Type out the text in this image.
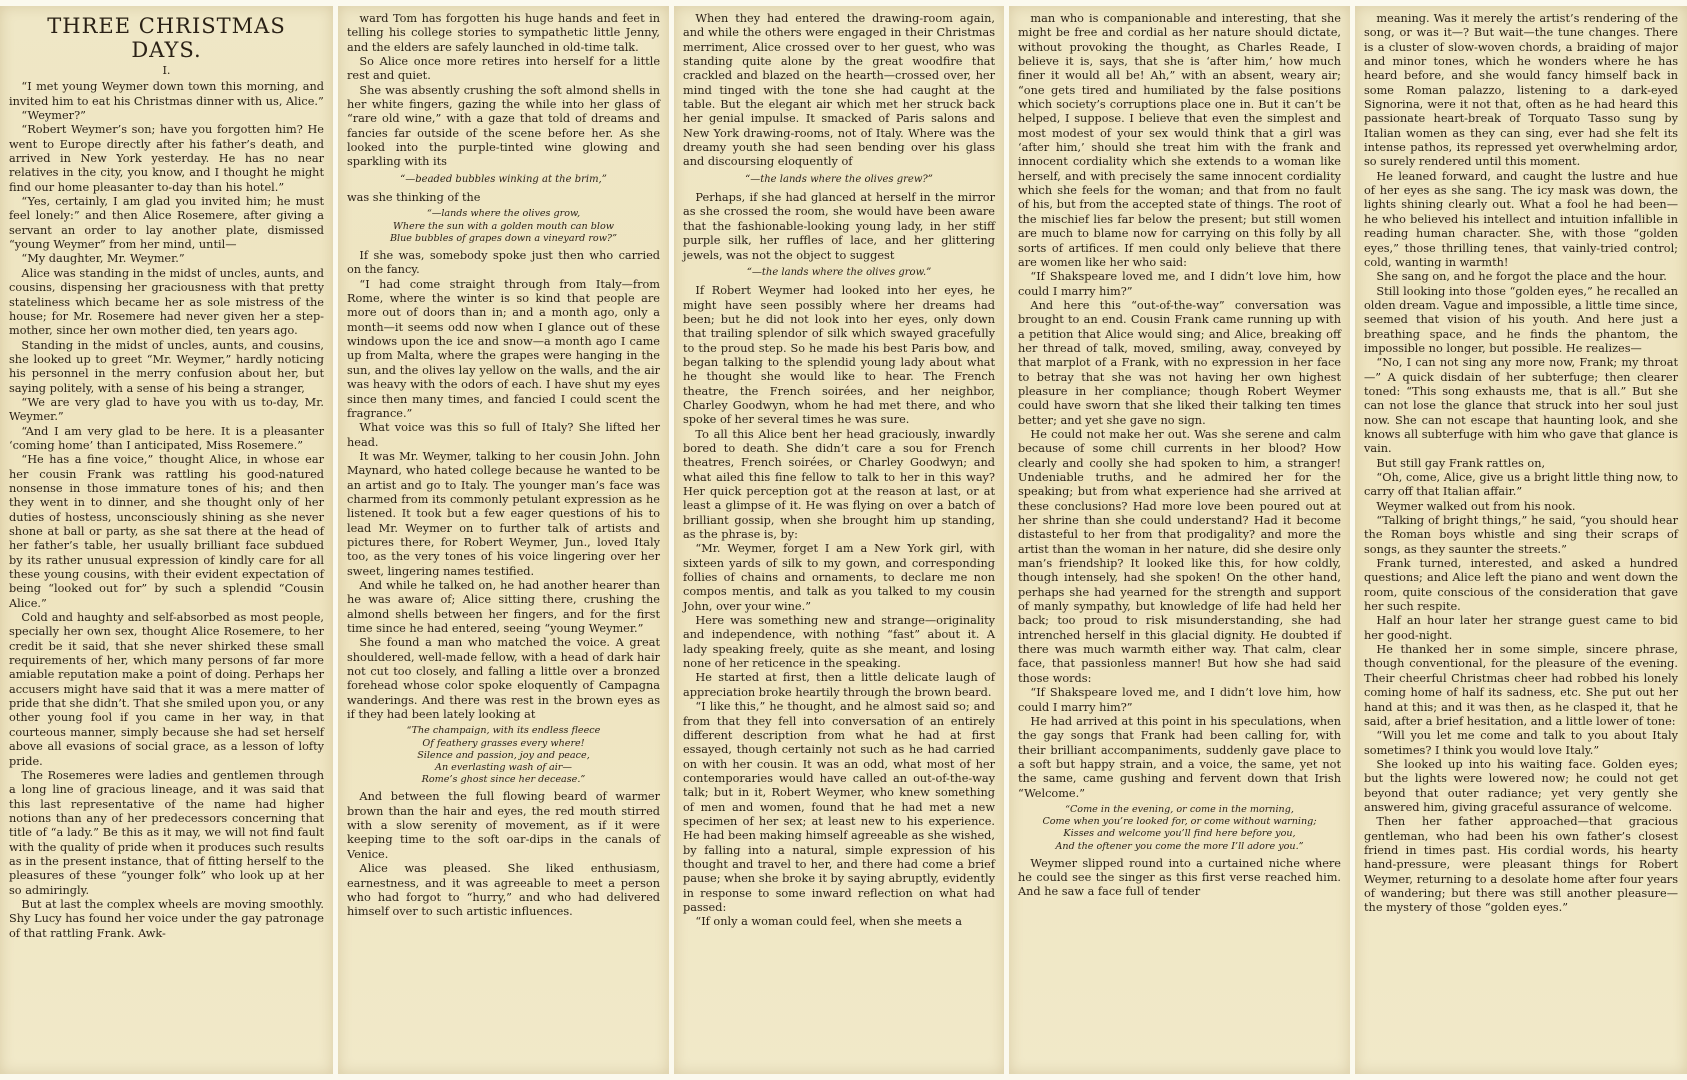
THREE CHRISTMAS DAYS.
I.

“I met young Weymer down town this morning, and invited him to eat his Christmas dinner with us, Alice.”

“Weymer?”

“Robert Weymer’s son; have you forgotten him? He went to Europe directly after his father’s death, and arrived in New York yesterday. He has no near relatives in the city, you know, and I thought he might find our home pleasanter to-day than his hotel.”

“Yes, certainly, I am glad you invited him; he must feel lonely:” and then Alice Rosemere, after giving a servant an order to lay another plate, dismissed “young Weymer” from her mind, until—

“My daughter, Mr. Weymer.”

Alice was standing in the midst of uncles, aunts, and cousins, dispensing her graciousness with that pretty stateliness which became her as sole mistress of the house; for Mr. Rosemere had never given her a step-mother, since her own mother died, ten years ago.

Standing in the midst of uncles, aunts, and cousins, she looked up to greet “Mr. Weymer,” hardly noticing his personnel in the merry confusion about her, but saying politely, with a sense of his being a stranger,

“We are very glad to have you with us to-day, Mr. Weymer.”

“And I am very glad to be here. It is a pleasanter ‘coming home’ than I anticipated, Miss Rosemere.”

“He has a fine voice,” thought Alice, in whose ear her cousin Frank was rattling his good-natured nonsense in those immature tones of his; and then they went in to dinner, and she thought only of her duties of hostess, unconsciously shining as she never shone at ball or party, as she sat there at the head of her father’s table, her usually brilliant face subdued by its rather unusual expression of kindly care for all these young cousins, with their evident expectation of being “looked out for” by such a splendid “Cousin Alice.”

Cold and haughty and self-absorbed as most people, specially her own sex, thought Alice Rosemere, to her credit be it said, that she never shirked these small requirements of her, which many persons of far more amiable reputation make a point of doing. Perhaps her accusers might have said that it was a mere matter of pride that she didn’t. That she smiled upon you, or any other young fool if you came in her way, in that courteous manner, simply because she had set herself above all evasions of social grace, as a lesson of lofty pride.

The Rosemeres were ladies and gentlemen through a long line of gracious lineage, and it was said that this last representative of the name had higher notions than any of her predecessors concerning that title of “a lady.” Be this as it may, we will not find fault with the quality of pride when it produces such results as in the present instance, that of fitting herself to the pleasures of these “younger folk” who look up at her so admiringly.

But at last the complex wheels are moving smoothly. Shy Lucy has found her voice under the gay patronage of that rattling Frank. Awk-

ward Tom has forgotten his huge hands and feet in telling his college stories to sympathetic little Jenny, and the elders are safely launched in old-time talk.

So Alice once more retires into herself for a little rest and quiet.

She was absently crushing the soft almond shells in her white fingers, gazing the while into her glass of “rare old wine,” with a gaze that told of dreams and fancies far outside of the scene before her. As she looked into the purple-tinted wine glowing and sparkling with its

“—beaded bubbles winking at the brim,”

was she thinking of the

“—lands where the olives grow,
Where the sun with a golden mouth can blow
Blue bubbles of grapes down a vineyard row?”

If she was, somebody spoke just then who carried on the fancy.

“I had come straight through from Italy—from Rome, where the winter is so kind that people are more out of doors than in; and a month ago, only a month—it seems odd now when I glance out of these windows upon the ice and snow—a month ago I came up from Malta, where the grapes were hanging in the sun, and the olives lay yellow on the walls, and the air was heavy with the odors of each. I have shut my eyes since then many times, and fancied I could scent the fragrance.”

What voice was this so full of Italy? She lifted her head.

It was Mr. Weymer, talking to her cousin John. John Maynard, who hated college because he wanted to be an artist and go to Italy. The younger man’s face was charmed from its commonly petulant expression as he listened. It took but a few eager questions of his to lead Mr. Weymer on to further talk of artists and pictures there, for Robert Weymer, Jun., loved Italy too, as the very tones of his voice lingering over her sweet, lingering names testified.

And while he talked on, he had another hearer than he was aware of; Alice sitting there, crushing the almond shells between her fingers, and for the first time since he had entered, seeing “young Weymer.”

She found a man who matched the voice. A great shouldered, well-made fellow, with a head of dark hair not cut too closely, and falling a little over a bronzed forehead whose color spoke eloquently of Campagna wanderings. And there was rest in the brown eyes as if they had been lately looking at

“The champaign, with its endless fleece
Of feathery grasses every where!
Silence and passion, joy and peace,
An everlasting wash of air—
Rome’s ghost since her decease.”

And between the full flowing beard of warmer brown than the hair and eyes, the red mouth stirred with a slow serenity of movement, as if it were keeping time to the soft oar-dips in the canals of Venice.

Alice was pleased. She liked enthusiasm, earnestness, and it was agreeable to meet a person who had forgot to “hurry,” and who had delivered himself over to such artistic influences.

When they had entered the drawing-room again, and while the others were engaged in their Christmas merriment, Alice crossed over to her guest, who was standing quite alone by the great woodfire that crackled and blazed on the hearth—crossed over, her mind tinged with the tone she had caught at the table. But the elegant air which met her struck back her genial impulse. It smacked of Paris salons and New York drawing-rooms, not of Italy. Where was the dreamy youth she had seen bending over his glass and discoursing eloquently of

“—the lands where the olives grew?”

Perhaps, if she had glanced at herself in the mirror as she crossed the room, she would have been aware that the fashionable-looking young lady, in her stiff purple silk, her ruffles of lace, and her glittering jewels, was not the object to suggest

“—the lands where the olives grow.”

If Robert Weymer had looked into her eyes, he might have seen possibly where her dreams had been; but he did not look into her eyes, only down that trailing splendor of silk which swayed gracefully to the proud step. So he made his best Paris bow, and began talking to the splendid young lady about what he thought she would like to hear. The French theatre, the French soirées, and her neighbor, Charley Goodwyn, whom he had met there, and who spoke of her several times he was sure.

To all this Alice bent her head graciously, inwardly bored to death. She didn’t care a sou for French theatres, French soirées, or Charley Goodwyn; and what ailed this fine fellow to talk to her in this way? Her quick perception got at the reason at last, or at least a glimpse of it. He was flying on over a batch of brilliant gossip, when she brought him up standing, as the phrase is, by:

“Mr. Weymer, forget I am a New York girl, with sixteen yards of silk to my gown, and corresponding follies of chains and ornaments, to declare me non compos mentis, and talk as you talked to my cousin John, over your wine.”

Here was something new and strange—originality and independence, with nothing “fast” about it. A lady speaking freely, quite as she meant, and losing none of her reticence in the speaking.

He started at first, then a little delicate laugh of appreciation broke heartily through the brown beard.

“I like this,” he thought, and he almost said so; and from that they fell into conversation of an entirely different description from what he had at first essayed, though certainly not such as he had carried on with her cousin. It was an odd, what most of her contemporaries would have called an out-of-the-way talk; but in it, Robert Weymer, who knew something of men and women, found that he had met a new specimen of her sex; at least new to his experience. He had been making himself agreeable as she wished, by falling into a natural, simple expression of his thought and travel to her, and there had come a brief pause; when she broke it by saying abruptly, evidently in response to some inward reflection on what had passed:

“If only a woman could feel, when she meets a

man who is companionable and interesting, that she might be free and cordial as her nature should dictate, without provoking the thought, as Charles Reade, I believe it is, says, that she is ‘after him,’ how much finer it would all be! Ah,” with an absent, weary air; “one gets tired and humiliated by the false positions which society’s corruptions place one in. But it can’t be helped, I suppose. I believe that even the simplest and most modest of your sex would think that a girl was ‘after him,’ should she treat him with the frank and innocent cordiality which she extends to a woman like herself, and with precisely the same innocent cordiality which she feels for the woman; and that from no fault of his, but from the accepted state of things. The root of the mischief lies far below the present; but still women are much to blame now for carrying on this folly by all sorts of artifices. If men could only believe that there are women like her who said:

“If Shakspeare loved me, and I didn’t love him, how could I marry him?”

And here this “out-of-the-way” conversation was brought to an end. Cousin Frank came running up with a petition that Alice would sing; and Alice, breaking off her thread of talk, moved, smiling, away, conveyed by that marplot of a Frank, with no expression in her face to betray that she was not having her own highest pleasure in her compliance; though Robert Weymer could have sworn that she liked their talking ten times better; and yet she gave no sign.

He could not make her out. Was she serene and calm because of some chill currents in her blood? How clearly and coolly she had spoken to him, a stranger! Undeniable truths, and he admired her for the speaking; but from what experience had she arrived at these conclusions? Had more love been poured out at her shrine than she could understand? Had it become distasteful to her from that prodigality? and more the artist than the woman in her nature, did she desire only man’s friendship? It looked like this, for how coldly, though intensely, had she spoken! On the other hand, perhaps she had yearned for the strength and support of manly sympathy, but knowledge of life had held her back; too proud to risk misunderstanding, she had intrenched herself in this glacial dignity. He doubted if there was much warmth either way. That calm, clear face, that passionless manner! But how she had said those words:

“If Shakspeare loved me, and I didn’t love him, how could I marry him?”

He had arrived at this point in his speculations, when the gay songs that Frank had been calling for, with their brilliant accompaniments, suddenly gave place to a soft but happy strain, and a voice, the same, yet not the same, came gushing and fervent down that Irish “Welcome.”

“Come in the evening, or come in the morning,
Come when you’re looked for, or come without warning;
Kisses and welcome you’ll find here before you,
And the oftener you come the more I’ll adore you.”

Weymer slipped round into a curtained niche where he could see the singer as this first verse reached him. And he saw a face full of tender

meaning. Was it merely the artist’s rendering of the song, or was it—? But wait—the tune changes. There is a cluster of slow-woven chords, a braiding of major and minor tones, which he wonders where he has heard before, and she would fancy himself back in some Roman palazzo, listening to a dark-eyed Signorina, were it not that, often as he had heard this passionate heart-break of Torquato Tasso sung by Italian women as they can sing, ever had she felt its intense pathos, its repressed yet overwhelming ardor, so surely rendered until this moment.

He leaned forward, and caught the lustre and hue of her eyes as she sang. The icy mask was down, the lights shining clearly out. What a fool he had been—he who believed his intellect and intuition infallible in reading human character. She, with those “golden eyes,” those thrilling tenes, that vainly-tried control; cold, wanting in warmth!

She sang on, and he forgot the place and the hour.

Still looking into those “golden eyes,” he recalled an olden dream. Vague and impossible, a little time since, seemed that vision of his youth. And here just a breathing space, and he finds the phantom, the impossible no longer, but possible. He realizes—

“No, I can not sing any more now, Frank; my throat—” A quick disdain of her subterfuge; then clearer toned: “This song exhausts me, that is all.” But she can not lose the glance that struck into her soul just now. She can not escape that haunting look, and she knows all subterfuge with him who gave that glance is vain.

But still gay Frank rattles on,

“Oh, come, Alice, give us a bright little thing now, to carry off that Italian affair.”

Weymer walked out from his nook.

“Talking of bright things,” he said, “you should hear the Roman boys whistle and sing their scraps of songs, as they saunter the streets.”

Frank turned, interested, and asked a hundred questions; and Alice left the piano and went down the room, quite conscious of the consideration that gave her such respite.

Half an hour later her strange guest came to bid her good-night.

He thanked her in some simple, sincere phrase, though conventional, for the pleasure of the evening. Their cheerful Christmas cheer had robbed his lonely coming home of half its sadness, etc. She put out her hand at this; and it was then, as he clasped it, that he said, after a brief hesitation, and a little lower of tone:

“Will you let me come and talk to you about Italy sometimes? I think you would love Italy.”

She looked up into his waiting face. Golden eyes; but the lights were lowered now; he could not get beyond that outer radiance; yet very gently she answered him, giving graceful assurance of welcome.

Then her father approached—that gracious gentleman, who had been his own father’s closest friend in times past. His cordial words, his hearty hand-pressure, were pleasant things for Robert Weymer, returning to a desolate home after four years of wandering; but there was still another pleasure—the mystery of those “golden eyes.”
